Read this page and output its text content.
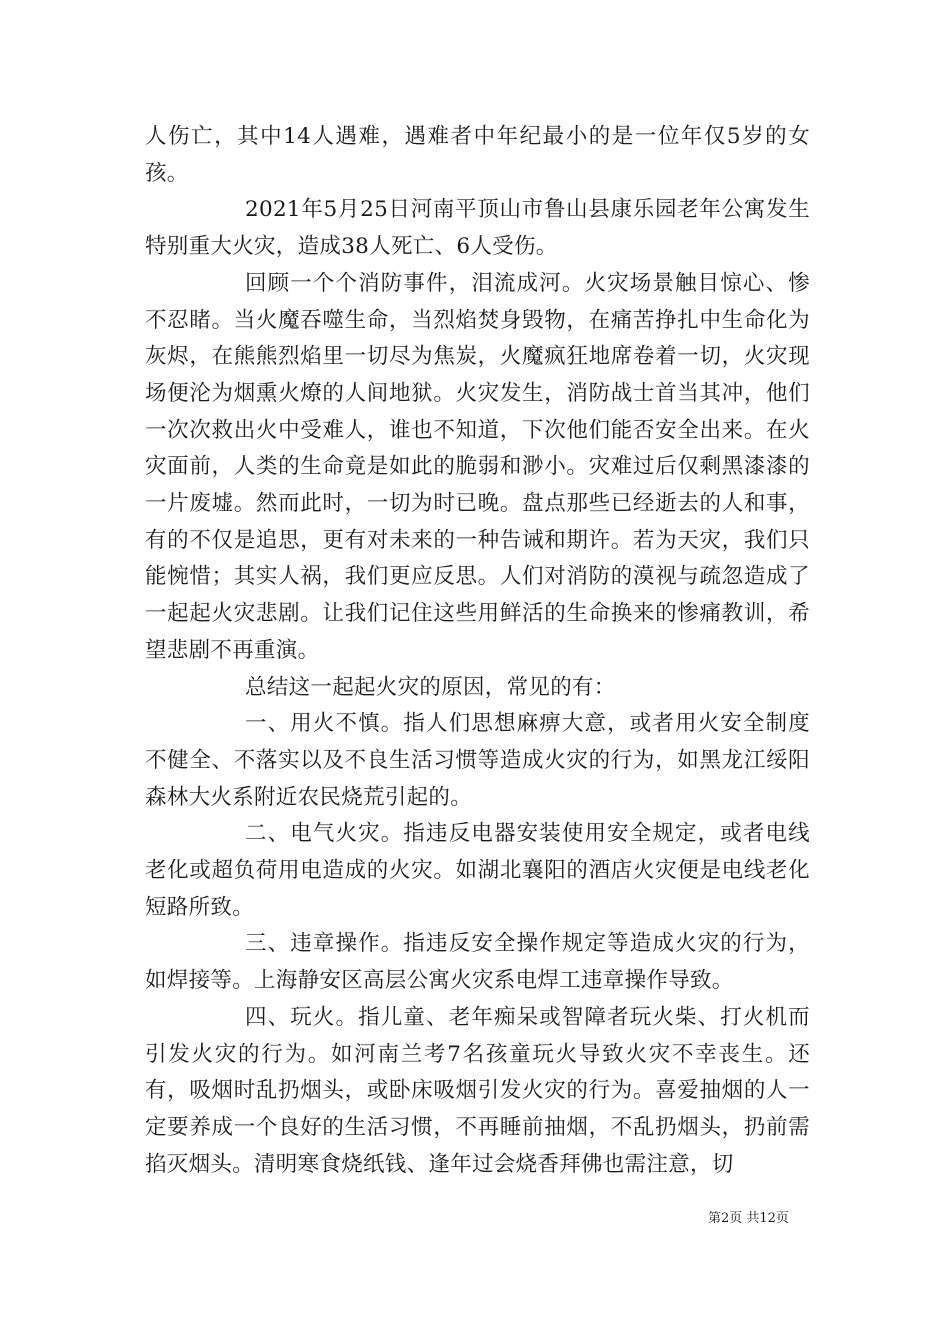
人伤亡，其中14人遇难，遇难者中年纪最小的是一位年仅5岁的女孩。

2021年5月25日河南平顶山市鲁山县康乐园老年公寓发生特别重大火灾，造成38人死亡、6人受伤。

回顾一个个消防事件，泪流成河。火灾场景触目惊心、惨不忍睹。当火魔吞噬生命，当烈焰焚身毁物，在痛苦挣扎中生命化为灰烬，在熊熊烈焰里一切尽为焦炭，火魔疯狂地席卷着一切，火灾现场便沦为烟熏火燎的人间地狱。火灾发生，消防战士首当其冲，他们一次次救出火中受难人，谁也不知道，下次他们能否安全出来。在火灾面前，人类的生命竟是如此的脆弱和渺小。灾难过后仅剩黑漆漆的一片废墟。然而此时，一切为时已晚。盘点那些已经逝去的人和事，有的不仅是追思，更有对未来的一种告诫和期许。若为天灾，我们只能惋惜；其实人祸，我们更应反思。人们对消防的漠视与疏忽造成了一起起火灾悲剧。让我们记住这些用鲜活的生命换来的惨痛教训，希望悲剧不再重演。

总结这一起起火灾的原因，常见的有：

一、用火不慎。指人们思想麻痹大意，或者用火安全制度不健全、不落实以及不良生活习惯等造成火灾的行为，如黑龙江绥阳森林大火系附近农民烧荒引起的。

二、电气火灾。指违反电器安装使用安全规定，或者电线老化或超负荷用电造成的火灾。如湖北襄阳的酒店火灾便是电线老化短路所致。

三、违章操作。指违反安全操作规定等造成火灾的行为，如焊接等。上海静安区高层公寓火灾系电焊工违章操作导致。

四、玩火。指儿童、老年痴呆或智障者玩火柴、打火机而引发火灾的行为。如河南兰考7名孩童玩火导致火灾不幸丧生。还有，吸烟时乱扔烟头，或卧床吸烟引发火灾的行为。喜爱抽烟的人一定要养成一个良好的生活习惯，不再睡前抽烟，不乱扔烟头，扔前需掐灭烟头。清明寒食烧纸钱、逢年过会烧香拜佛也需注意，切

第2页 共12页
